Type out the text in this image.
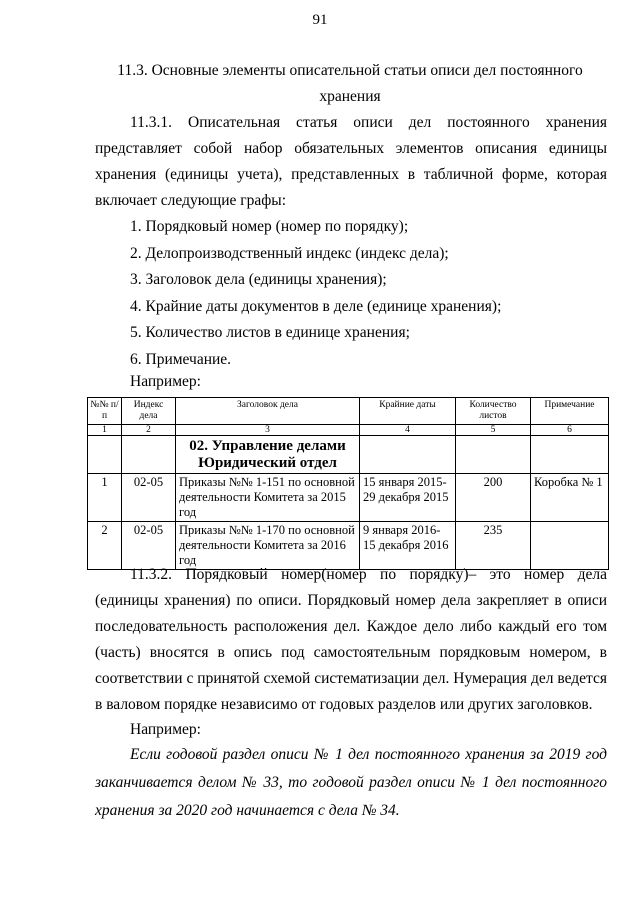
91
11.3. Основные элементы описательной статьи описи дел постоянного хранения
11.3.1. Описательная статья описи дел постоянного хранения представляет собой набор обязательных элементов описания единицы хранения (единицы учета), представленных в табличной форме, которая включает следующие графы:
1. Порядковый номер (номер по порядку);
2. Делопроизводственный индекс (индекс дела);
3. Заголовок дела (единицы хранения);
4. Крайние даты документов в деле (единице хранения);
5. Количество листов в единице хранения;
6. Примечание.
Например:
№№ п/п	Индекс дела	Заголовок дела	Крайние даты	Количество листов	Примечание
1	2	3	4	5	6
		02. Управление делами Юридический отдел			
1	02-05	Приказы №№ 1-151 по основной деятельности Комитета за 2015 год	15 января 2015-29 декабря 2015	200	Коробка № 1
2	02-05	Приказы №№ 1-170 по основной деятельности Комитета за 2016 год	9 января 2016-15 декабря 2016	235	
11.3.2. Порядковый номер(номер по порядку)– это номер дела (единицы хранения) по описи. Порядковый номер дела закрепляет в описи последовательность расположения дел. Каждое дело либо каждый его том (часть) вносятся в опись под самостоятельным порядковым номером, в соответствии с принятой схемой систематизации дел. Нумерация дел ведется в валовом порядке независимо от годовых разделов или других заголовков.
Например:
Если годовой раздел описи № 1 дел постоянного хранения за 2019 год заканчивается делом № 33, то годовой раздел описи № 1 дел постоянного хранения за 2020 год начинается с дела № 34.
